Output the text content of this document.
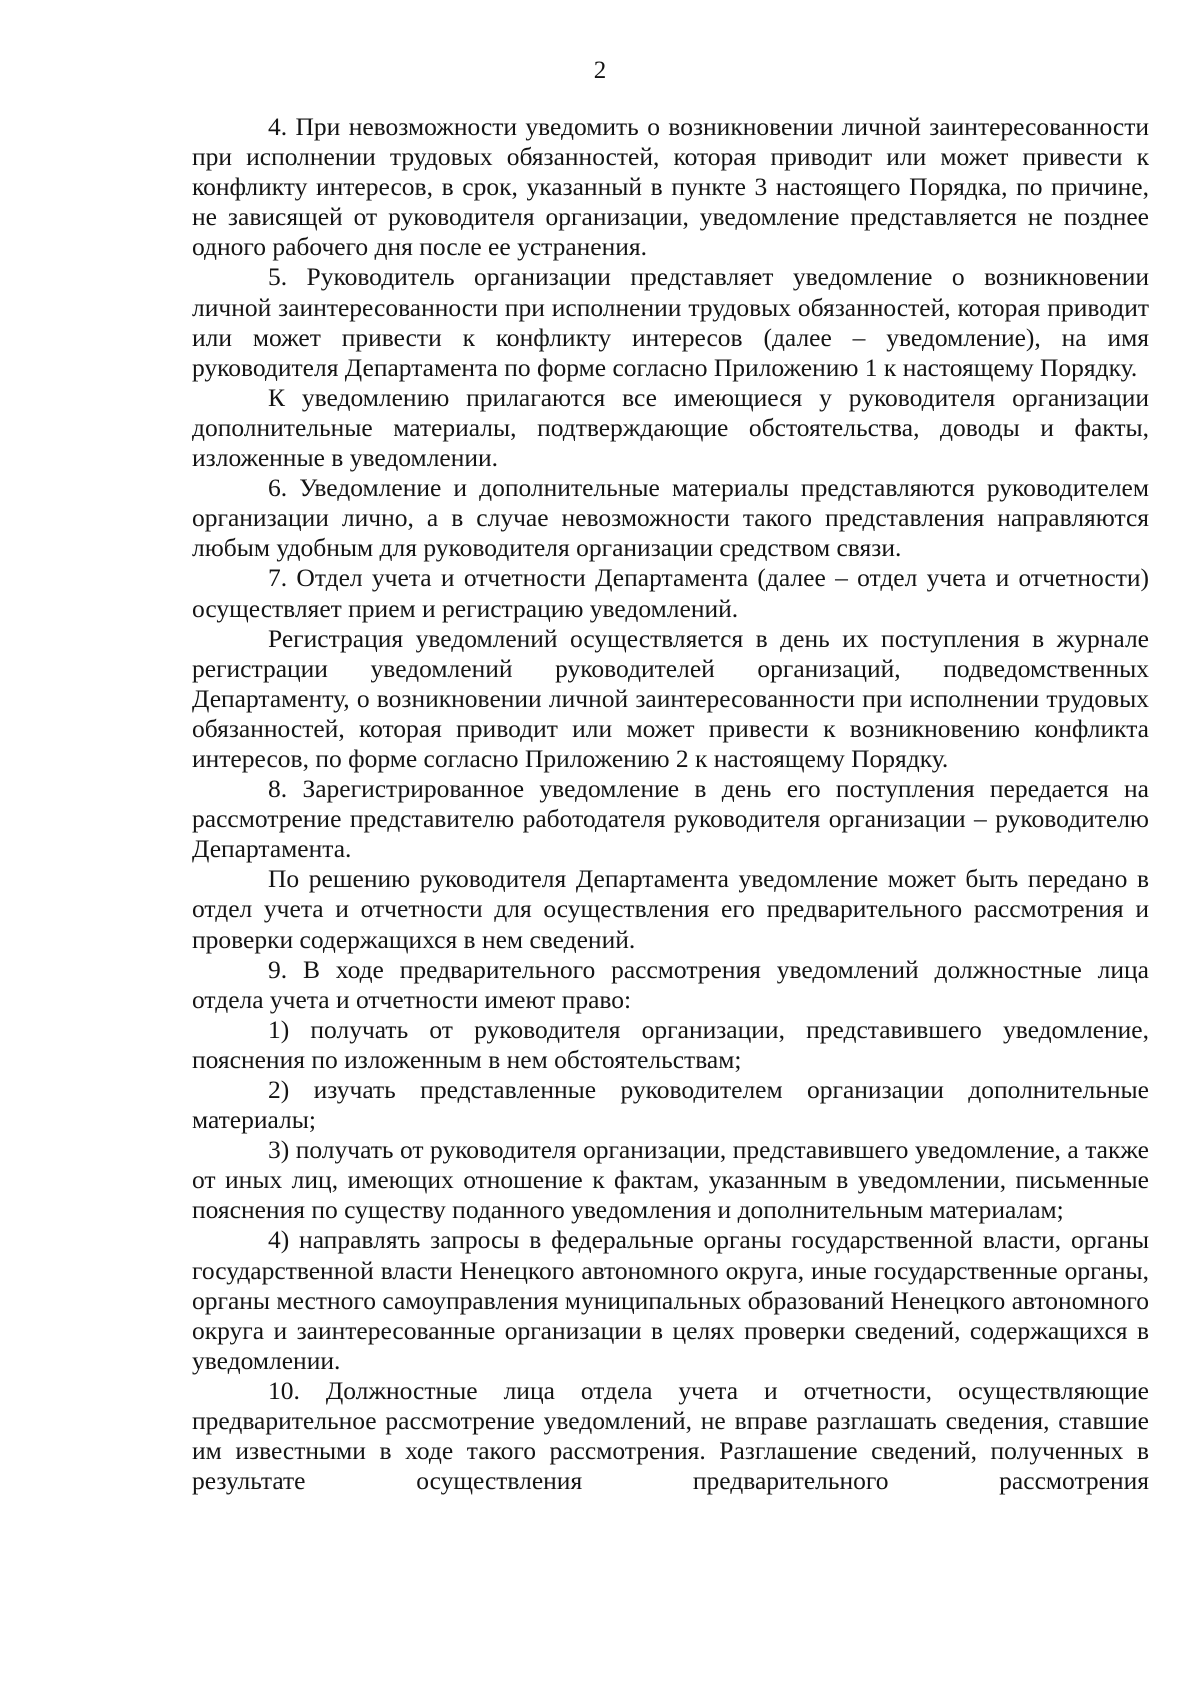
2

4. При невозможности уведомить о возникновении личной заинтересованности при исполнении трудовых обязанностей, которая приводит или может привести к конфликту интересов, в срок, указанный в пункте 3 настоящего Порядка, по причине, не зависящей от руководителя организации, уведомление представляется не позднее одного рабочего дня после ее устранения.

5. Руководитель организации представляет уведомление о возникновении личной заинтересованности при исполнении трудовых обязанностей, которая приводит или может привести к конфликту интересов (далее – уведомление), на имя руководителя Департамента по форме согласно Приложению 1 к настоящему Порядку.

К уведомлению прилагаются все имеющиеся у руководителя организации дополнительные материалы, подтверждающие обстоятельства, доводы и факты, изложенные в уведомлении.

6. Уведомление и дополнительные материалы представляются руководителем организации лично, а в случае невозможности такого представления направляются любым удобным для руководителя организации средством связи.

7. Отдел учета и отчетности Департамента (далее – отдел учета и отчетности) осуществляет прием и регистрацию уведомлений.

Регистрация уведомлений осуществляется в день их поступления в журнале регистрации уведомлений руководителей организаций, подведомственных Департаменту, о возникновении личной заинтересованности при исполнении трудовых обязанностей, которая приводит или может привести к возникновению конфликта интересов, по форме согласно Приложению 2 к настоящему Порядку.

8. Зарегистрированное уведомление в день его поступления передается на рассмотрение представителю работодателя руководителя организации – руководителю Департамента.

По решению руководителя Департамента уведомление может быть передано в отдел учета и отчетности для осуществления его предварительного рассмотрения и проверки содержащихся в нем сведений.

9. В ходе предварительного рассмотрения уведомлений должностные лица отдела учета и отчетности имеют право:

1) получать от руководителя организации, представившего уведомление, пояснения по изложенным в нем обстоятельствам;

2) изучать представленные руководителем организации дополнительные материалы;

3) получать от руководителя организации, представившего уведомление, а также от иных лиц, имеющих отношение к фактам, указанным в уведомлении, письменные пояснения по существу поданного уведомления и дополнительным материалам;

4) направлять запросы в федеральные органы государственной власти, органы государственной власти Ненецкого автономного округа, иные государственные органы, органы местного самоуправления муниципальных образований Ненецкого автономного округа и заинтересованные организации в целях проверки сведений, содержащихся в уведомлении.

10. Должностные лица отдела учета и отчетности, осуществляющие предварительное рассмотрение уведомлений, не вправе разглашать сведения, ставшие им известными в ходе такого рассмотрения. Разглашение сведений, полученных в результате осуществления предварительного рассмотрения
